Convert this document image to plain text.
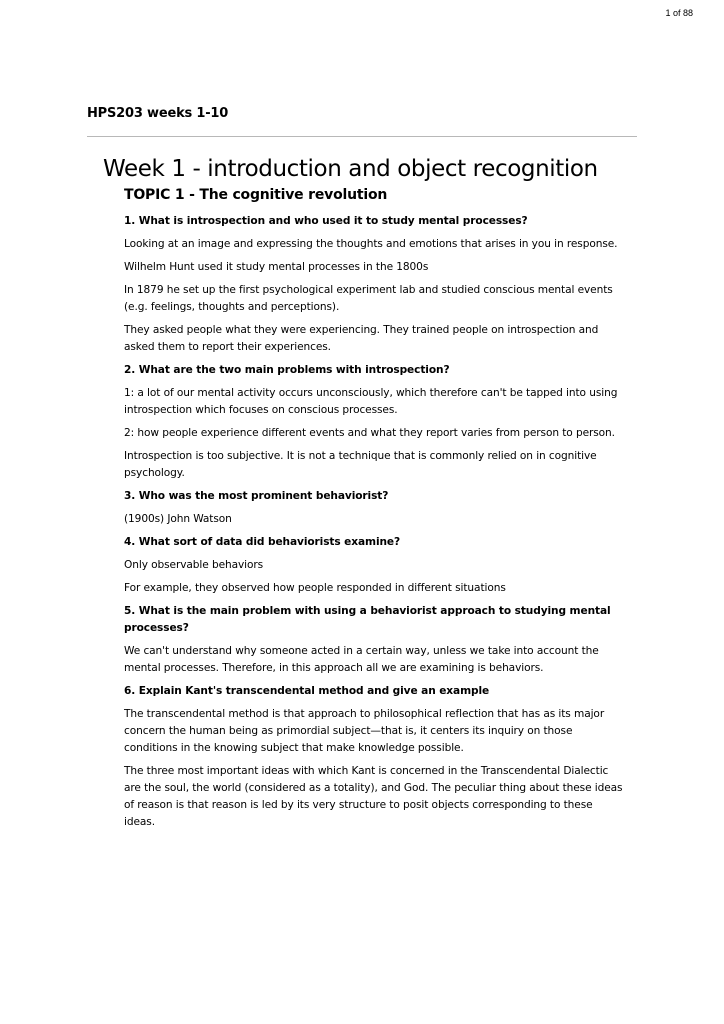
1 of 88
HPS203 weeks 1-10
Week 1 - introduction and object recognition
TOPIC 1 - The cognitive revolution

1. What is introspection and who used it to study mental processes?

Looking at an image and expressing the thoughts and emotions that arises in you in response.

Wilhelm Hunt used it study mental processes in the 1800s

In 1879 he set up the first psychological experiment lab and studied conscious mental events (e.g. feelings, thoughts and perceptions).

They asked people what they were experiencing. They trained people on introspection and asked them to report their experiences.

2. What are the two main problems with introspection?

1: a lot of our mental activity occurs unconsciously, which therefore can't be tapped into using introspection which focuses on conscious processes.

2: how people experience different events and what they report varies from person to person.

Introspection is too subjective. It is not a technique that is commonly relied on in cognitive psychology.

3. Who was the most prominent behaviorist?

(1900s) John Watson

4. What sort of data did behaviorists examine?

Only observable behaviors

For example, they observed how people responded in different situations

5. What is the main problem with using a behaviorist approach to studying mental processes?

We can't understand why someone acted in a certain way, unless we take into account the mental processes. Therefore, in this approach all we are examining is behaviors.

6. Explain Kant's transcendental method and give an example

The transcendental method is that approach to philosophical reflection that has as its major concern the human being as primordial subject—that is, it centers its inquiry on those conditions in the knowing subject that make knowledge possible.

The three most important ideas with which Kant is concerned in the Transcendental Dialectic are the soul, the world (considered as a totality), and God. The peculiar thing about these ideas of reason is that reason is led by its very structure to posit objects corresponding to these ideas.
